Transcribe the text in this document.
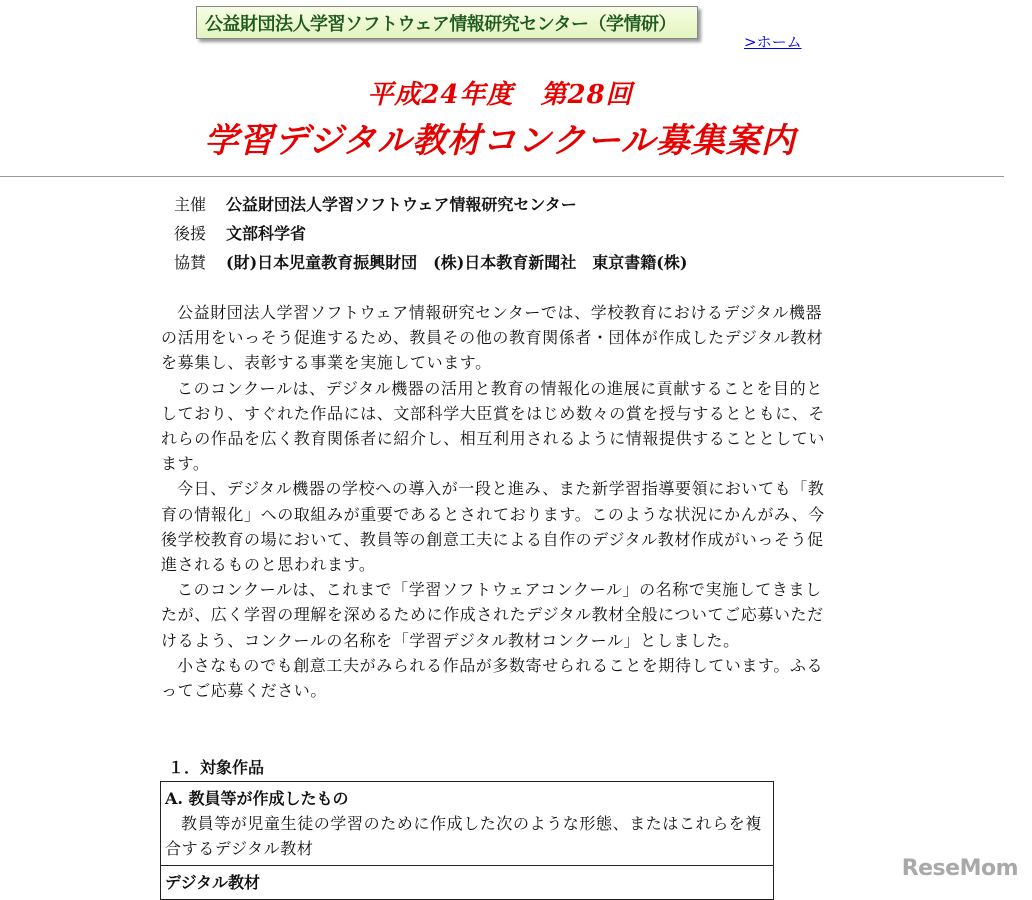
公益財団法人学習ソフトウェア情報研究センター（学情研）
>ホーム
平成24年度　第28回
学習デジタル教材コンクール募集案内
主催 公益財団法人学習ソフトウェア情報研究センター
後援 文部科学省
協賛 (財)日本児童教育振興財団　(株)日本教育新聞社　東京書籍(株)

公益財団法人学習ソフトウェア情報研究センターでは、学校教育におけるデジタル機器の活用をいっそう促進するため、教員その他の教育関係者・団体が作成したデジタル教材を募集し、表彰する事業を実施しています。

このコンクールは、デジタル機器の活用と教育の情報化の進展に貢献することを目的としており、すぐれた作品には、文部科学大臣賞をはじめ数々の賞を授与するとともに、それらの作品を広く教育関係者に紹介し、相互利用されるように情報提供することとしています。

今日、デジタル機器の学校への導入が一段と進み、また新学習指導要領においても「教育の情報化」への取組みが重要であるとされております。このような状況にかんがみ、今後学校教育の場において、教員等の創意工夫による自作のデジタル教材作成がいっそう促進されるものと思われます。

このコンクールは、これまで「学習ソフトウェアコンクール」の名称で実施してきましたが、広く学習の理解を深めるために作成されたデジタル教材全般についてご応募いただけるよう、コンクールの名称を「学習デジタル教材コンクール」としました。

小さなものでも創意工夫がみられる作品が多数寄せられることを期待しています。ふるってご応募ください。

１．対象作品
A. 教員等が作成したもの
教員等が児童生徒の学習のために作成した次のような形態、またはこれらを複合するデジタル教材

デジタル教材
ReseMom
